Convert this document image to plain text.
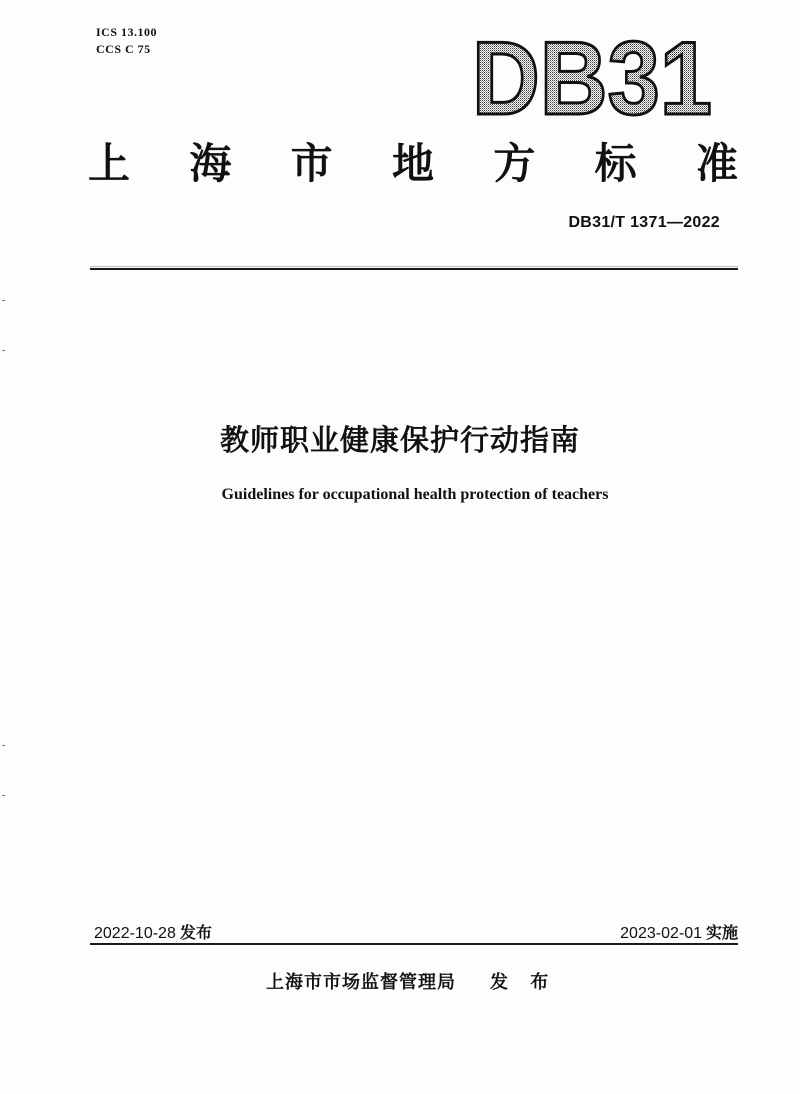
ICS 13.100
CCS C 75	DB31
上 海 市 地 方 标 准
DB31/T 1371—2022
教师职业健康保护行动指南
Guidelines for occupational health protection of teachers
2022-10-28 发布	2023-02-01 实施
上海市市场监督管理局 发 布
